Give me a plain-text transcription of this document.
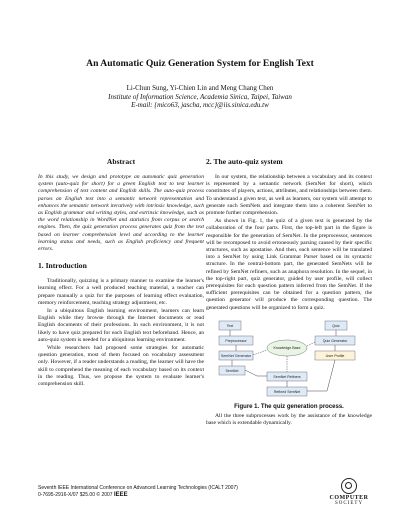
An Automatic Quiz Generation System for English Text
Li-Chun Sung, Yi-Chien Lin and Meng Chang Chen
Institute of Information Science, Academia Sinica, Taipei, Taiwan
E-mail: {mico63, jascha, mcc}@iis.sinica.edu.tw
Abstract

In this study, we design and prototype an automatic quiz generation system (auto-quiz for short) for a green English text to test learner comprehension of text content and English skills. The auto-quiz process parses an English text into a semantic network representation and enhances the semantic network iteratively with intrinsic knowledge, such as English grammar and writing styles, and extrinsic knowledge, such as the word relationship in WordNet and statistics from corpus or search engines. Then, the quiz generation process generates quiz from the text based on learner comprehension level and according to the learner learning status and needs, such as English proficiency and frequent errors.

1. Introduction

Traditionally, quizzing is a primary manner to examine the learner's learning effect. For a well produced teaching material, a teacher can prepare manually a quiz for the purposes of learning effect evaluation, memory reinforcement, teaching strategy adjustment, etc.

In a ubiquitous English learning environment, learners can learn English while they browse through the Internet documents or read English documents of their professions. In such environment, it is not likely to have quiz prepared for each English text beforehand. Hence, an auto-quiz system is needed for a ubiquitous learning environment.

While researchers had proposed some strategies for automatic question generation, most of them focused on vocabulary assessment only. However, if a reader understands a reading, the learner will have the skill to comprehend the meaning of each vocabulary based on its context in the reading. Thus, we propose the system to evaluate learner's comprehension skill.

2. The auto-quiz system

In our system, the relationship between a vocabulary and its context is represented by a semantic network (SemNet for short), which constitutes of players, actions, attributes, and relationships between them. To understand a given text, as well as learners, our system will attempt to generate such SemNets and integrate them into a coherent SemNet to promote further comprehension.

As shown in Fig. 1, the quiz of a given text is generated by the collaboration of the four parts. First, the top-left part in the figure is responsible for the generation of SemNet. In the preprocessor, sentences will be recomposed to avoid erroneously parsing caused by their specific structures, such as apostatise. And then, each sentence will be translated into a SemNet by using Link Grammar Parser based on its syntactic structure. In the central-bottom part, the generated SemNets will be refined by SemNet refiners, such as anaphora resolution. In the sequel, in the top-right part, quiz generator, guided by user profile, will collect prerequisites for each question pattern inferred from the SemNet. If the sufficient prerequisites can be obtained for a question pattern, the question generator will produce the corresponding question. The generated questions will be organized to form a quiz.

Text
Preprocessor
SemNet Generator
SemNet
Quiz Generator
Quiz
User Profile
Knowledge Base
SemNet Refiners
Refined SemNet
Figure 1. The quiz generation process.

All the three subprocesses work by the assistance of the knowledge base which is extendable dynamically.

Seventh IEEE International Conference on Advanced Learning Technologies (ICALT 2007)
0-7695-2916-X/07 $25.00 © 2007 IEEE
COMPUTER
SOCIETY
